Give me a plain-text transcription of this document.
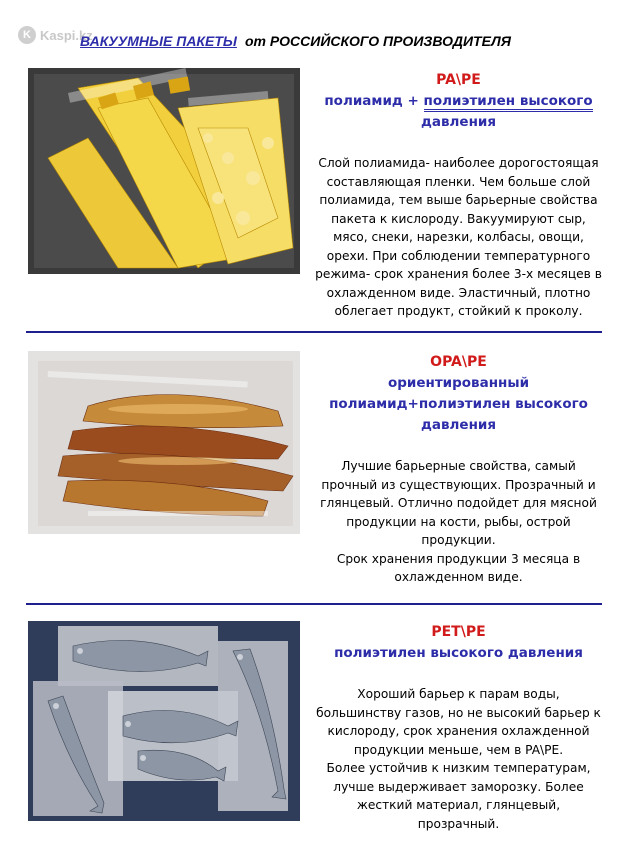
K Kaspi.kz
ВАКУУМНЫЕ ПАКЕТЫ от РОССИЙСКОГО ПРОИЗВОДИТЕЛЯ
PA\PE
полиамид + полиэтилен высокого
давления
Слой полиамида- наиболее дорогостоящая
составляющая пленки. Чем больше слой
полиамида, тем выше барьерные свойства
пакета к кислороду. Вакуумируют сыр,
мясо, снеки, нарезки, колбасы, овощи,
орехи. При соблюдении температурного
режима- срок хранения более 3-х месяцев в
охлажденном виде. Эластичный, плотно
облегает продукт, стойкий к проколу.
OPA\PE
ориентированный
полиамид+полиэтилен высокого
давления
Лучшие барьерные свойства, самый
прочный из существующих. Прозрачный и
глянцевый. Отлично подойдет для мясной
продукции на кости, рыбы, острой
продукции.
Срок хранения продукции 3 месяца в
охлажденном виде.
PET\PE
полиэтилен высокого давления
Хороший барьер к парам воды,
большинству газов, но не высокий барьер к
кислороду, срок хранения охлажденной
продукции меньше, чем в PA\PE.
Более устойчив к низким температурам,
лучше выдерживает заморозку. Более
жесткий материал, глянцевый,
прозрачный.
